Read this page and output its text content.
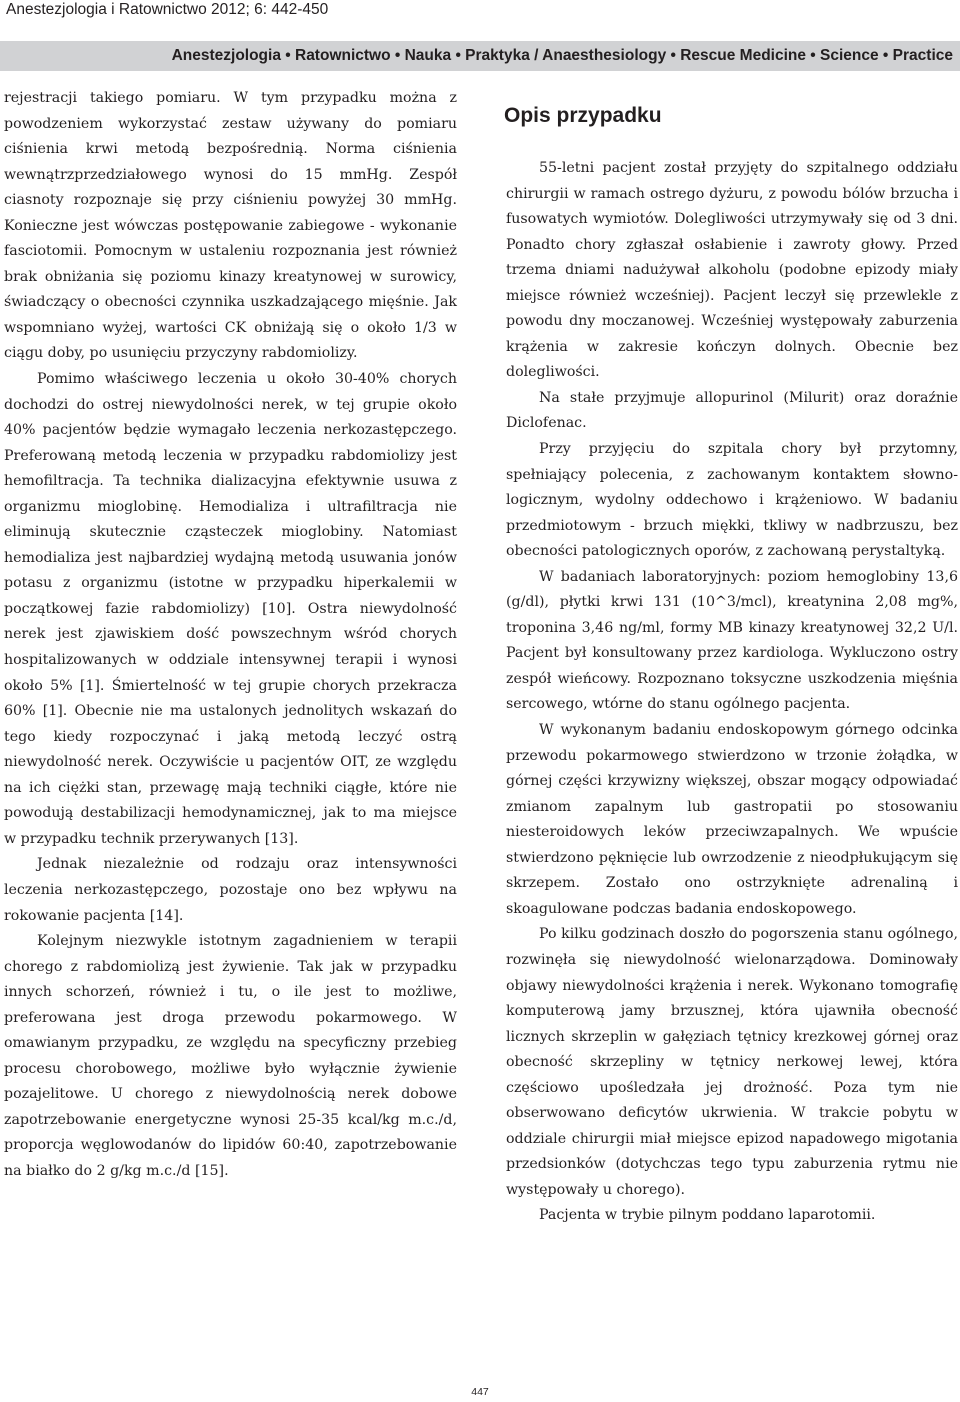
Anestezjologia i Ratownictwo 2012; 6: 442-450
Anestezjologia • Ratownictwo • Nauka • Praktyka / Anaesthesiology • Rescue Medicine • Science • Practice

rejestracji takiego pomiaru. W tym przypadku można z powodzeniem wykorzystać zestaw używany do pomiaru ciśnienia krwi metodą bezpośrednią. Norma ciśnienia wewnątrzprzedziałowego wynosi do 15 mmHg. Zespół ciasnoty rozpoznaje się przy ciśnieniu powyżej 30 mmHg. Konieczne jest wówczas postępowanie zabiegowe - wykonanie fasciotomii. Pomocnym w ustaleniu rozpoznania jest również brak obniżania się poziomu kinazy kreatynowej w surowicy, świadczący o obecności czynnika uszkadzającego mięśnie. Jak wspomniano wyżej, wartości CK obniżają się o około 1/3 w ciągu doby, po usunięciu przyczyny rabdomiolizy.

Pomimo właściwego leczenia u około 30-40% chorych dochodzi do ostrej niewydolności nerek, w tej grupie około 40% pacjentów będzie wymagało leczenia nerkozastępczego. Preferowaną metodą leczenia w przypadku rabdomiolizy jest hemofiltracja. Ta technika dializacyjna efektywnie usuwa z organizmu mioglobinę. Hemodializa i ultrafiltracja nie eliminują skutecznie cząsteczek mioglobiny. Natomiast hemodializa jest najbardziej wydajną metodą usuwania jonów potasu z organizmu (istotne w przypadku hiperkalemii w początkowej fazie rabdomiolizy) [10]. Ostra niewydolność nerek jest zjawiskiem dość powszechnym wśród chorych hospitalizowanych w oddziale intensywnej terapii i wynosi około 5% [1]. Śmiertelność w tej grupie chorych przekracza 60% [1]. Obecnie nie ma ustalonych jednolitych wskazań do tego kiedy rozpoczynać i jaką metodą leczyć ostrą niewydolność nerek. Oczywiście u pacjentów OIT, ze względu na ich ciężki stan, przewagę mają techniki ciągłe, które nie powodują destabilizacji hemodynamicznej, jak to ma miejsce w przypadku technik przerywanych [13].

Jednak niezależnie od rodzaju oraz intensywności leczenia nerkozastępczego, pozostaje ono bez wpływu na rokowanie pacjenta [14].

Kolejnym niezwykle istotnym zagadnieniem w terapii chorego z rabdomiolizą jest żywienie. Tak jak w przypadku innych schorzeń, również i tu, o ile jest to możliwe, preferowana jest droga przewodu pokarmowego. W omawianym przypadku, ze względu na specyficzny przebieg procesu chorobowego, możliwe było wyłącznie żywienie pozajelitowe. U chorego z niewydolnością nerek dobowe zapotrzebowanie energetyczne wynosi 25-35 kcal/kg m.c./d, proporcja węglowodanów do lipidów 60:40, zapotrzebowanie na białko do 2 g/kg m.c./d [15].

Opis przypadku

55-letni pacjent został przyjęty do szpitalnego oddziału chirurgii w ramach ostrego dyżuru, z powodu bólów brzucha i fusowatych wymiotów. Dolegliwości utrzymywały się od 3 dni. Ponadto chory zgłaszał osłabienie i zawroty głowy. Przed trzema dniami nadużywał alkoholu (podobne epizody miały miejsce również wcześniej). Pacjent leczył się przewlekle z powodu dny moczanowej. Wcześniej występowały zaburzenia krążenia w zakresie kończyn dolnych. Obecnie bez dolegliwości.

Na stałe przyjmuje allopurinol (Milurit) oraz doraźnie Diclofenac.

Przy przyjęciu do szpitala chory był przytomny, spełniający polecenia, z zachowanym kontaktem słowno-logicznym, wydolny oddechowo i krążeniowo. W badaniu przedmiotowym - brzuch miękki, tkliwy w nadbrzuszu, bez obecności patologicznych oporów, z zachowaną perystaltyką.

W badaniach laboratoryjnych: poziom hemoglobiny 13,6 (g/dl), płytki krwi 131 (10^3/mcl), kreatynina 2,08 mg%, troponina 3,46 ng/ml, formy MB kinazy kreatynowej 32,2 U/l. Pacjent był konsultowany przez kardiologa. Wykluczono ostry zespół wieńcowy. Rozpoznano toksyczne uszkodzenia mięśnia sercowego, wtórne do stanu ogólnego pacjenta.

W wykonanym badaniu endoskopowym górnego odcinka przewodu pokarmowego stwierdzono w trzonie żołądka, w górnej części krzywizny większej, obszar mogący odpowiadać zmianom zapalnym lub gastropatii po stosowaniu niesteroidowych leków przeciwzapalnych. We wpuście stwierdzono pęknięcie lub owrzodzenie z nieodpłukującym się skrzepem. Zostało ono ostrzyknięte adrenaliną i skoagulowane podczas badania endoskopowego.

Po kilku godzinach doszło do pogorszenia stanu ogólnego, rozwinęła się niewydolność wielonarządowa. Dominowały objawy niewydolności krążenia i nerek. Wykonano tomografię komputerową jamy brzusznej, która ujawniła obecność licznych skrzeplin w gałęziach tętnicy krezkowej górnej oraz obecność skrzepliny w tętnicy nerkowej lewej, która częściowo upośledzała jej drożność. Poza tym nie obserwowano deficytów ukrwienia. W trakcie pobytu w oddziale chirurgii miał miejsce epizod napadowego migotania przedsionków (dotychczas tego typu zaburzenia rytmu nie występowały u chorego).

Pacjenta w trybie pilnym poddano laparotomii.

447
